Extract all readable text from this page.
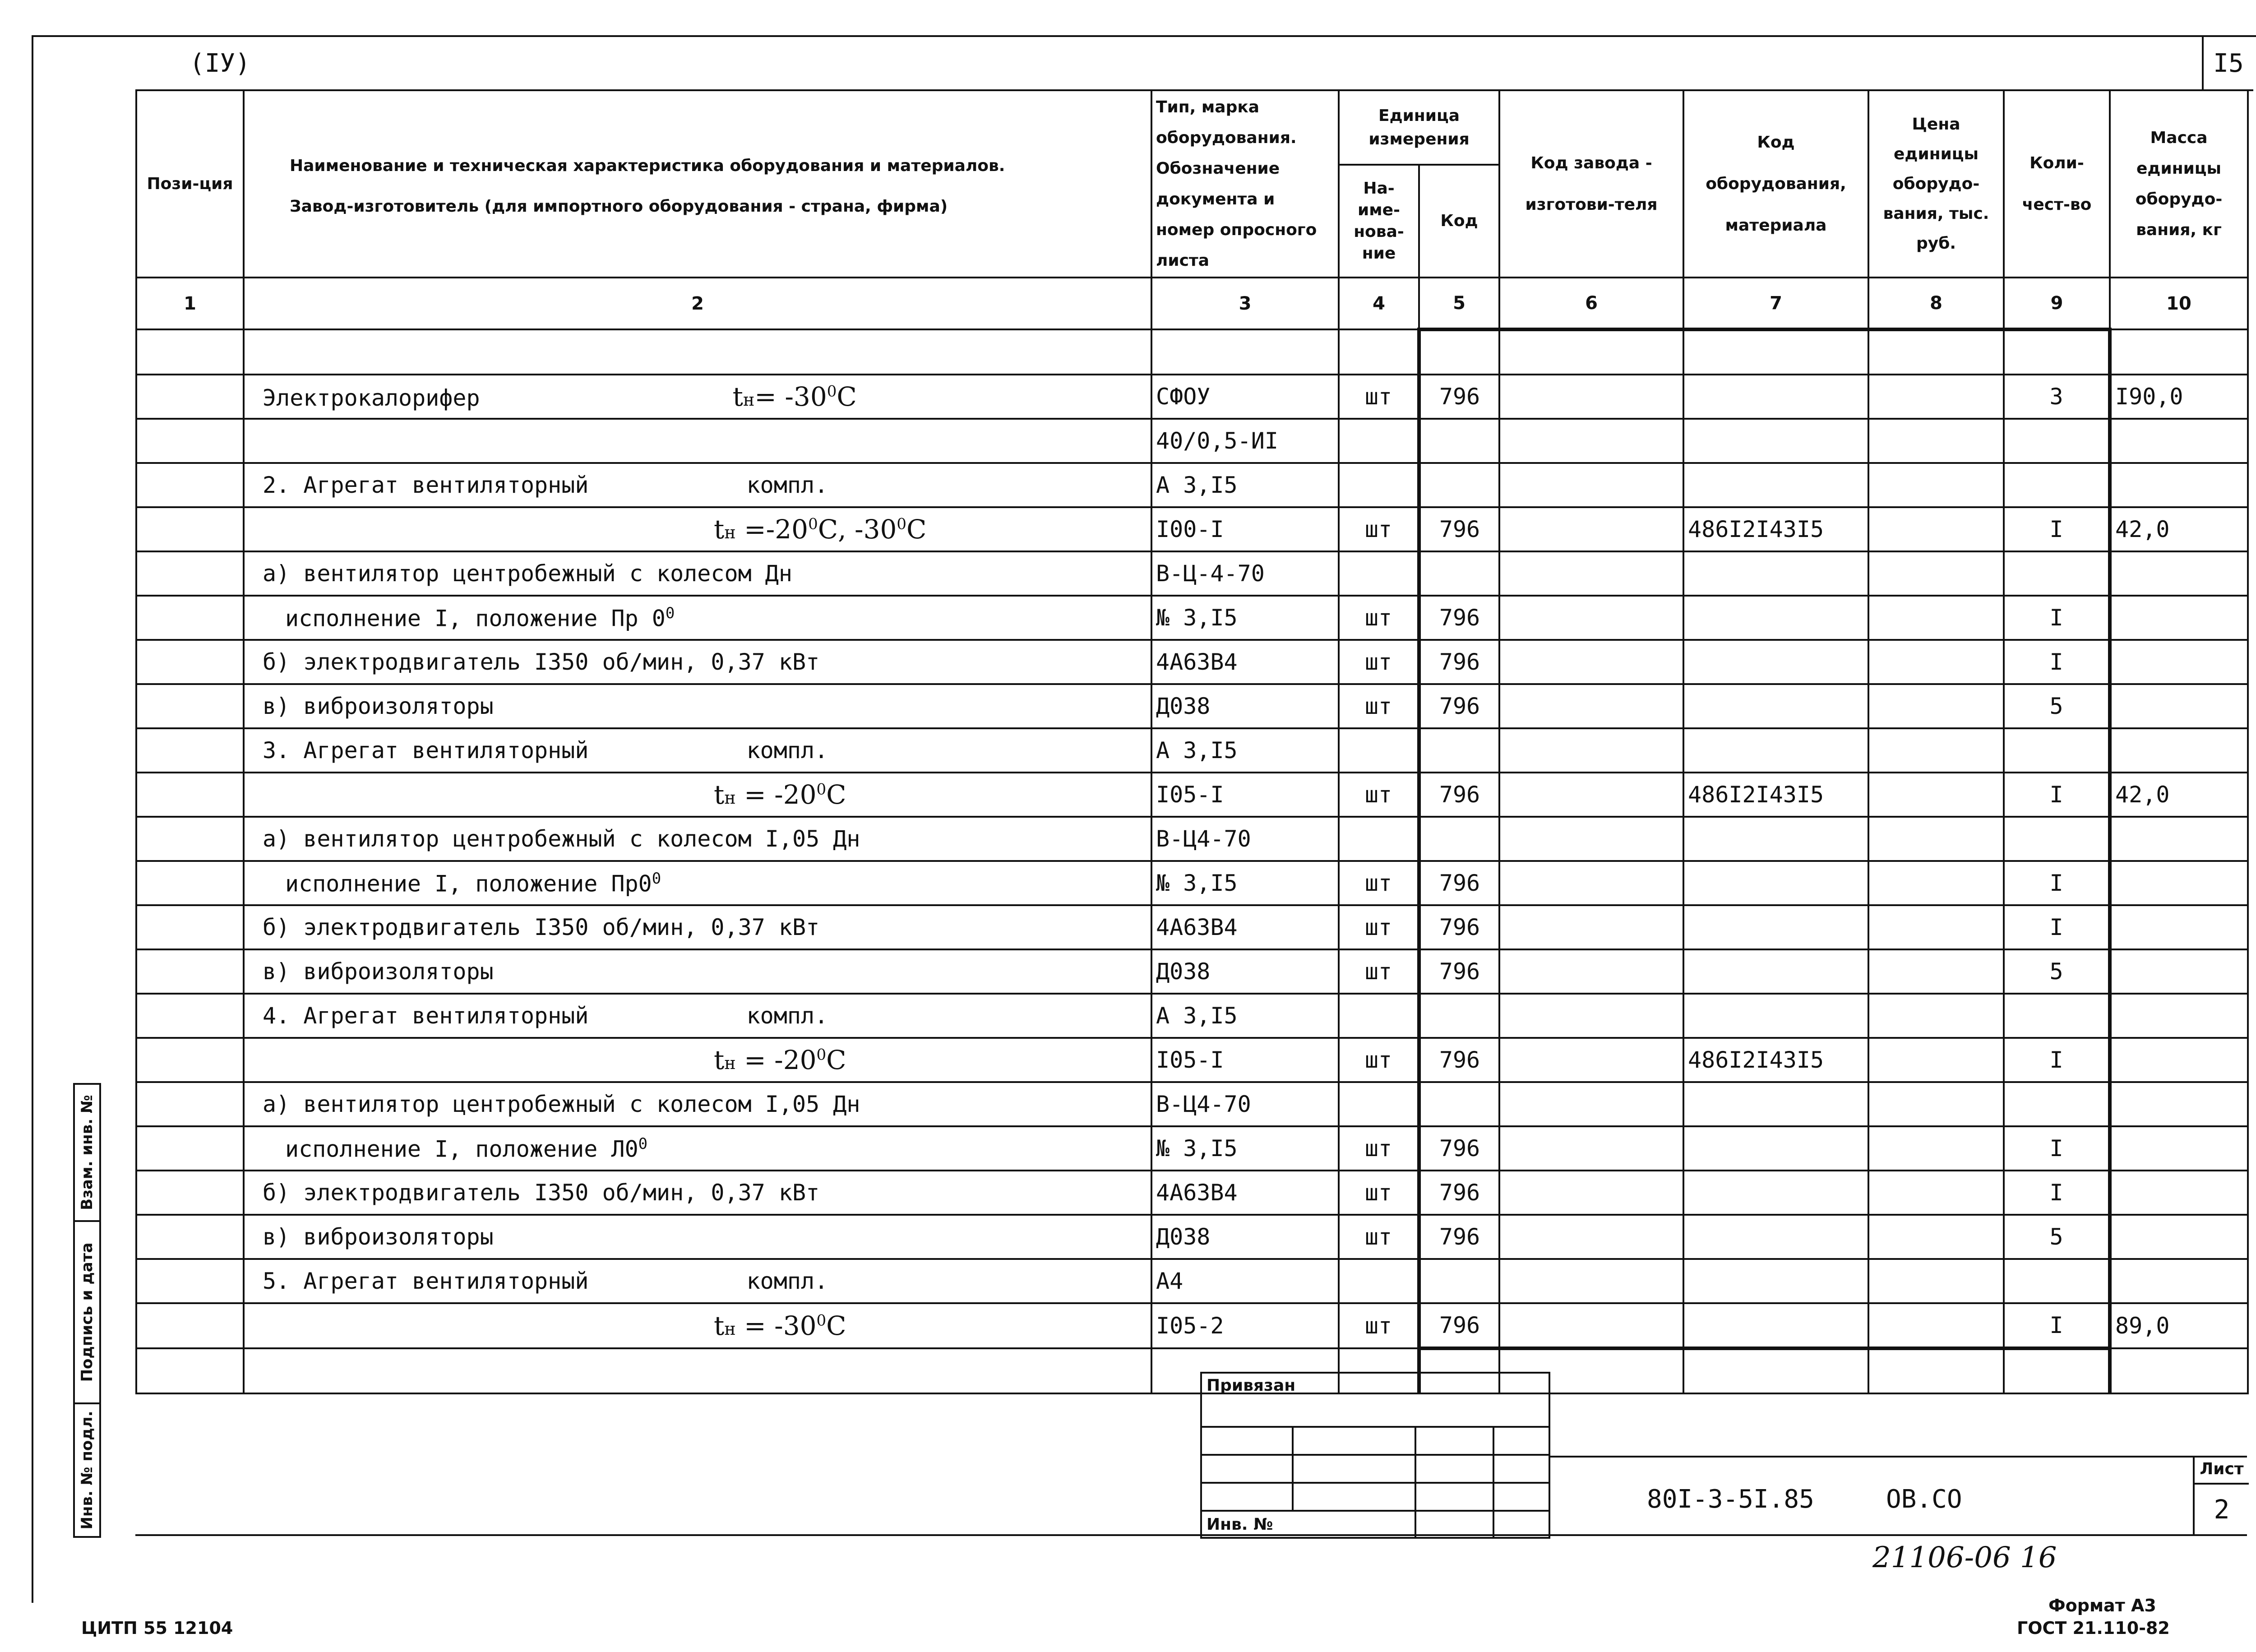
(IУ)	I5
Пози-ция	Наименование и техническая характеристика оборудования и материалов.
Завод-изготовитель (для импортного оборудования - страна, фирма)	Тип, марка оборудования. Обозначение документа и номер опросного листа	Единица измерения		Код завода - изготови-теля	Код оборудования, материала	Цена единицы оборудо-вания, тыс. руб.	Коли-чест-во	Масса единицы оборудо-вания, кг
			На-име-нова-ние	Код					
1	2	3	4	5	6	7	8	9	10

	Электрокалорифер $tн= -30^0С$	СФОУ	шт	796				3	I90,0
		40/0,5-ИI							
	2. Агрегат вентиляторный компл.	А 3,I5							
	tн $=-20^0С$, $-30^0С$	I00-I	шт	796		486I2I43I5		I	42,0
	а) вентилятор центробежный с колесом Дн	В-Ц-4-70							
	исполнение I, положение Пр $0^0$	№ 3,I5	шт	796				I	
	б) электродвигатель I350 об/мин, 0,37 кВт	4А63В4	шт	796				I	
	в) виброизоляторы	Д038	шт	796				5	
	3. Агрегат вентиляторный компл.	А 3,I5							
	tн = $-20^0С$	I05-I	шт	796		486I2I43I5		I	42,0
	а) вентилятор центробежный с колесом I,05 Дн	В-Ц4-70							
	исполнение I, положение $Пр0^0$	№ 3,I5	шт	796				I	
	б) электродвигатель I350 об/мин, 0,37 кВт	4А63В4	шт	796				I	
	в) виброизоляторы	Д038	шт	796				5	
	4. Агрегат вентиляторный компл.	А 3,I5							
	tн = $-20^0С$	I05-I	шт	796		486I2I43I5		I	
	а) вентилятор центробежный с колесом I,05 Дн	В-Ц4-70							
	исполнение I, положение $Л0^0$	№ 3,I5	шт	796				I	
	б) электродвигатель I350 об/мин, 0,37 кВт	4А63В4	шт	796				I	
	в) виброизоляторы	Д038	шт	796				5	
	5. Агрегат вентиляторный компл.	А4							
	tн = $-30^0С$	I05-2	шт	796				I	89,0

Взам. инв. №
Подпись и дата
Инв. № подл.
Привязан			

Инв. №			
80I-3-5I.85	ОВ.СО
Лист
2
21106-06 16
ЦИТП 55 12104
Формат А3
ГОСТ 21.110-82
